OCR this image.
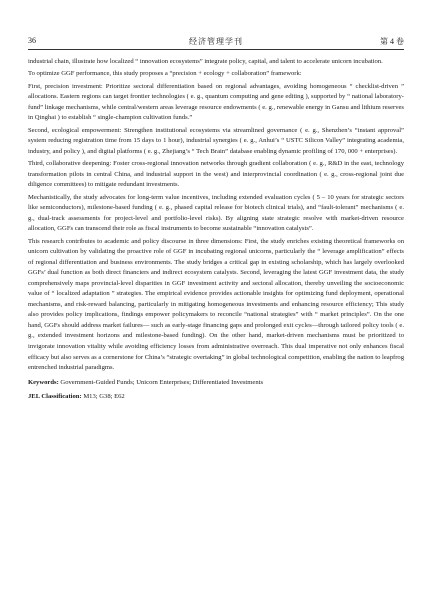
36	经济管理学刊	第 4 卷

industrial chain, illustrate how localized “ innovation ecosystems” integrate policy, capital, and talent to accelerate unicorn incubation.

To optimize GGF performance, this study proposes a “precision + ecology + collaboration” framework:

First, precision investment: Prioritize sectoral differentiation based on regional advantages, avoiding homogeneous “ checklist-driven ” allocations. Eastern regions can target frontier technologies ( e. g., quantum computing and gene editing ), supported by “ national laboratory-fund” linkage mechanisms, while central/western areas leverage resource endowments ( e. g., renewable energy in Gansu and lithium reserves in Qinghai ) to establish “ single-champion cultivation funds.”

Second, ecological empowerment: Strengthen institutional ecosystems via streamlined governance ( e. g., Shenzhen’s “instant approval” system reducing registration time from 15 days to 1 hour), industrial synergies ( e. g., Anhui’s “ USTC Silicon Valley” integrating academia, industry, and policy ), and digital platforms ( e. g., Zhejiang’s “ Tech Brain” database enabling dynamic profiling of 170, 000 + enterprises).

Third, collaborative deepening: Foster cross-regional innovation networks through gradient collaboration ( e. g., R&D in the east, technology transformation pilots in central China, and industrial support in the west) and interprovincial coordination ( e. g., cross-regional joint due diligence committees) to mitigate redundant investments.

Mechanistically, the study advocates for long-term value incentives, including extended evaluation cycles ( 5 – 10 years for strategic sectors like semiconductors), milestone-based funding ( e. g., phased capital release for biotech clinical trials), and “fault-tolerant” mechanisms ( e. g., dual-track assessments for project-level and portfolio-level risks). By aligning state strategic resolve with market-driven resource allocation, GGFs can transcend their role as fiscal instruments to become sustainable “innovation catalysts”.

This research contributes to academic and policy discourse in three dimensions: First, the study enriches existing theoretical frameworks on unicorn cultivation by validating the proactive role of GGF in incubating regional unicorns, particularly the “ leverage amplification” effects of regional differentiation and business environments. The study bridges a critical gap in existing scholarship, which has largely overlooked GGFs’ dual function as both direct financiers and indirect ecosystem catalysts. Second, leveraging the latest GGF investment data, the study comprehensively maps provincial-level disparities in GGF investment activity and sectoral allocation, thereby unveiling the socioeconomic value of “ localized adaptation ” strategies. The empirical evidence provides actionable insights for optimizing fund deployment, operational mechanisms, and risk-reward balancing, particularly in mitigating homogeneous investments and enhancing resource efficiency; This study also provides policy implications, findings empower policymakers to reconcile “national strategies” with “ market principles”. On the one hand, GGFs should address market failures— such as early-stage financing gaps and prolonged exit cycles—through tailored policy tools ( e. g., extended investment horizons and milestone-based funding). On the other hand, market-driven mechanisms must be prioritized to invigorate innovation vitality while avoiding efficiency losses from administrative overreach. This dual imperative not only enhances fiscal efficacy but also serves as a cornerstone for China’s “strategic overtaking” in global technological competition, enabling the nation to leapfrog entrenched industrial paradigms.

Keywords: Government-Guided Funds; Unicorn Enterprises; Differentiated Investments
JEL Classification: M13; G38; E62
